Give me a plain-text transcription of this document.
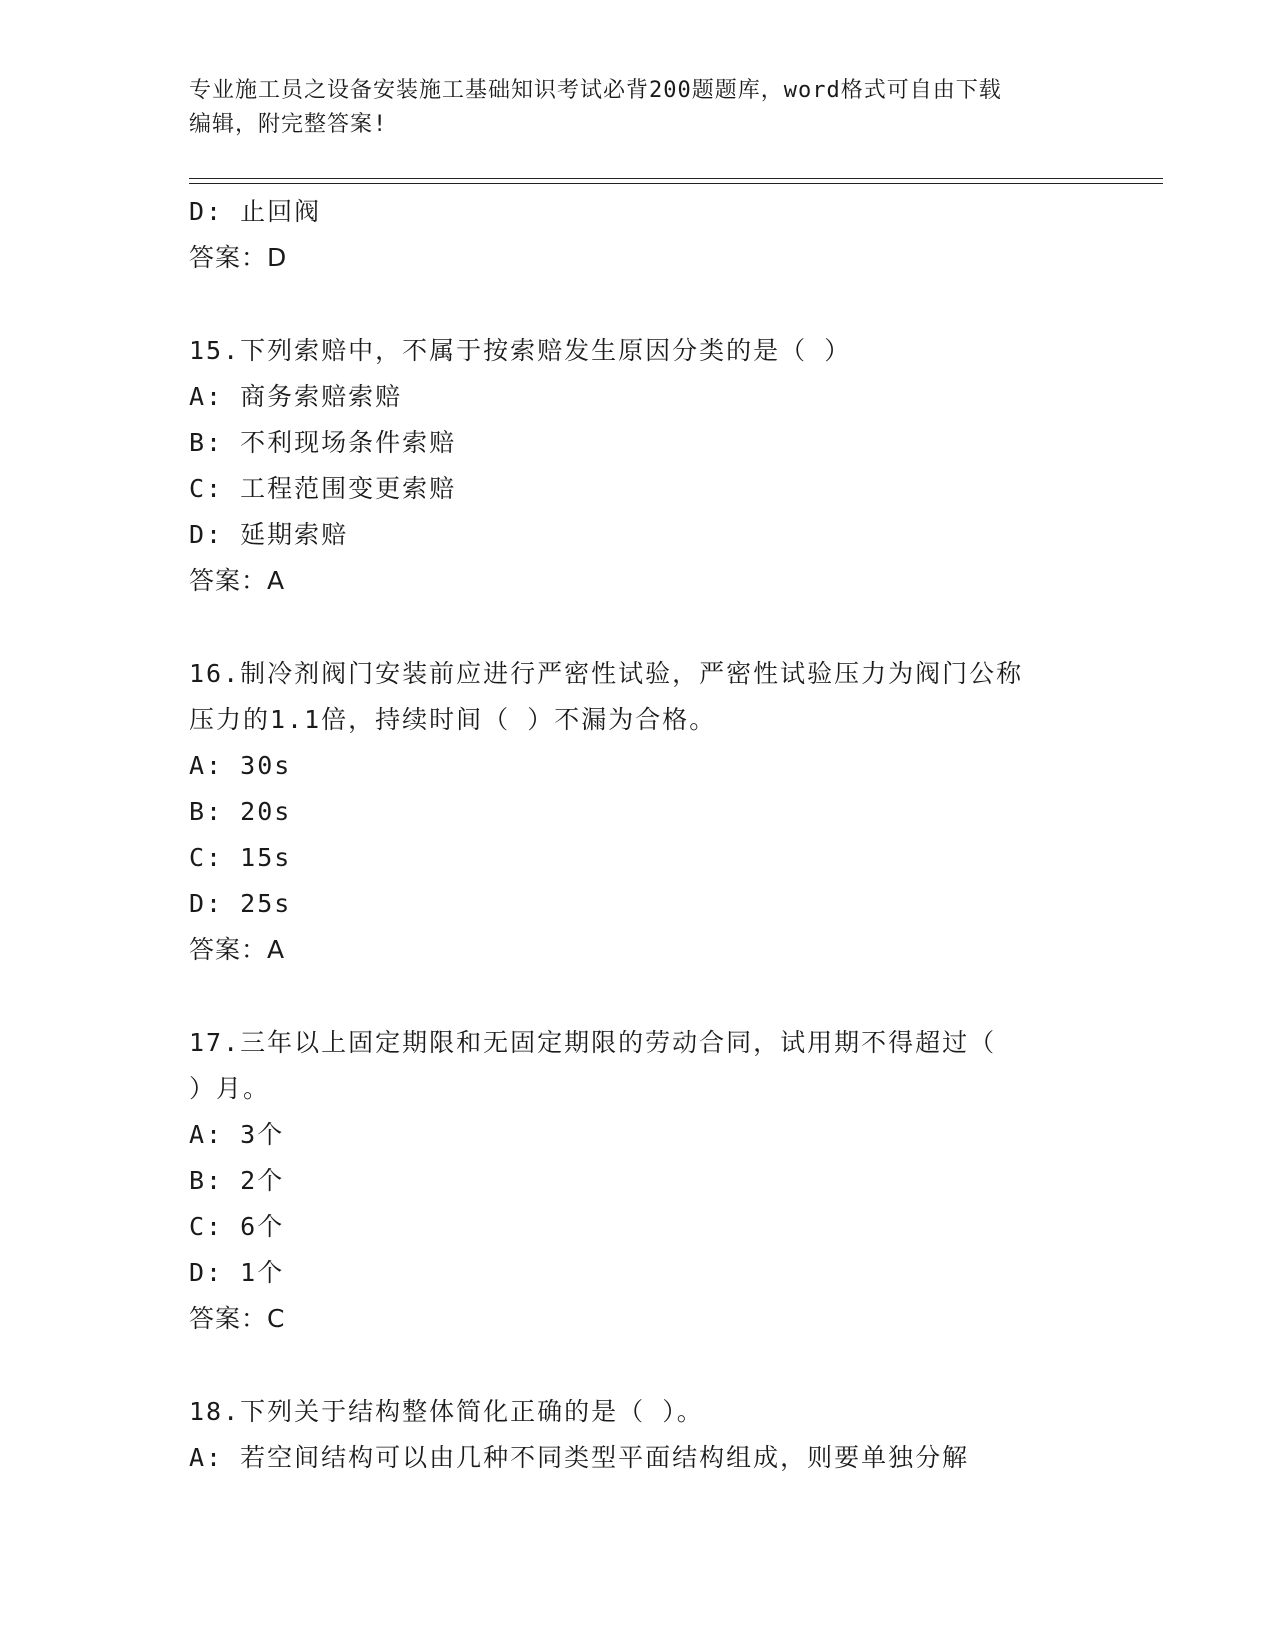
专业施工员之设备安装施工基础知识考试必背200题题库，word格式可自由下载
编辑，附完整答案!
D: 止回阀
答案：D
15.下列索赔中，不属于按索赔发生原因分类的是（ ）
A: 商务索赔索赔
B: 不利现场条件索赔
C: 工程范围变更索赔
D: 延期索赔
答案：A
16.制冷剂阀门安装前应进行严密性试验，严密性试验压力为阀门公称
压力的1.1倍，持续时间（ ）不漏为合格。
A: 30s
B: 20s
C: 15s
D: 25s
答案：A
17.三年以上固定期限和无固定期限的劳动合同，试用期不得超过（
）月。
A: 3个
B: 2个
C: 6个
D: 1个
答案：C
18.下列关于结构整体简化正确的是（ ）。
A: 若空间结构可以由几种不同类型平面结构组成，则要单独分解
